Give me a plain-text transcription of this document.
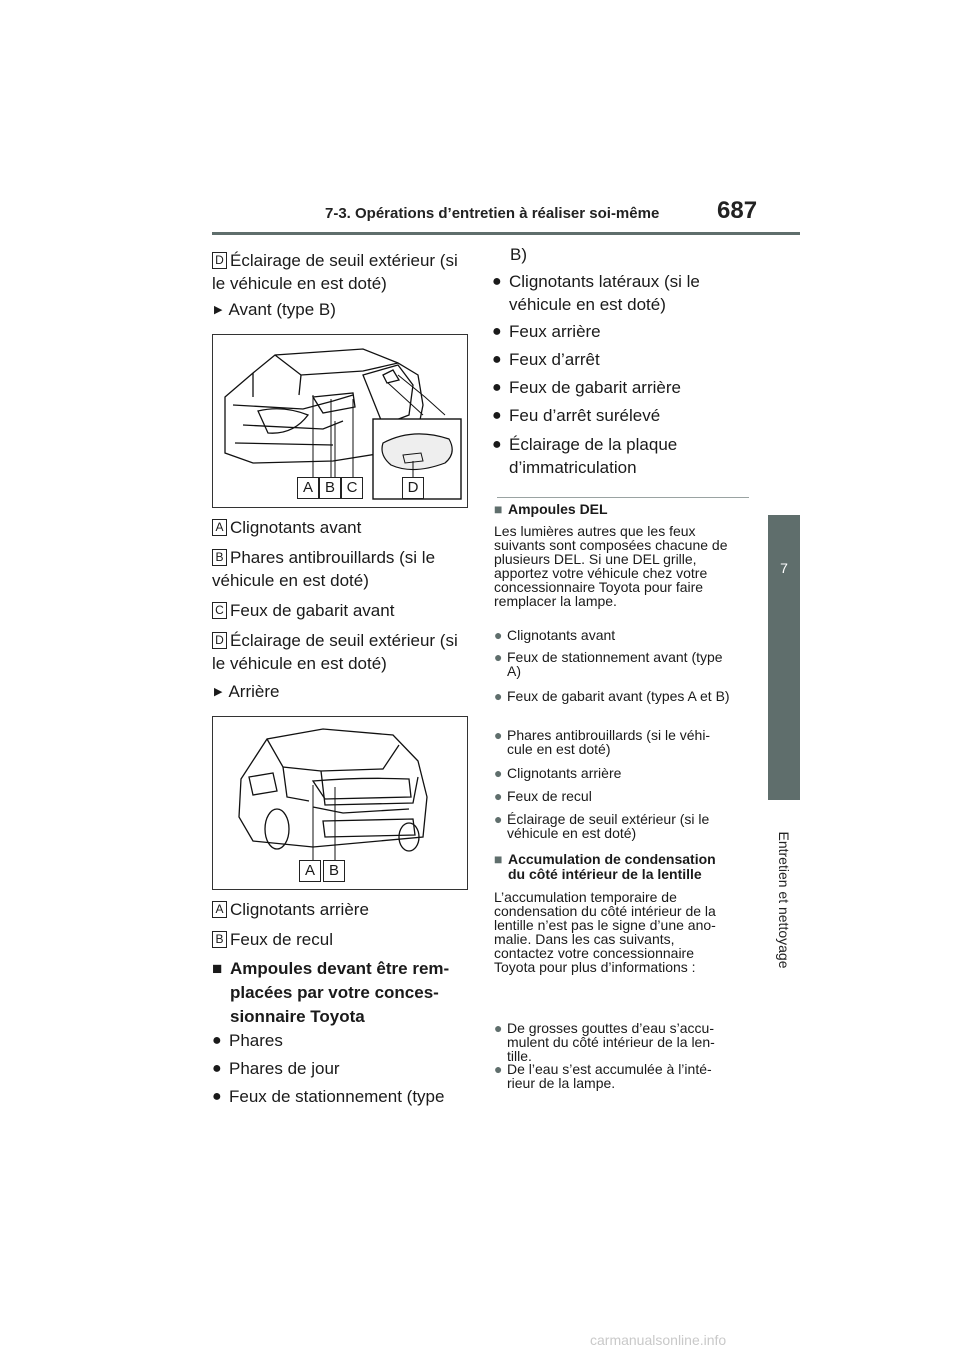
7-3. Opérations d’entretien à réaliser soi-même 687
7
Entretien et nettoyage
D Éclairage de seuil extérieur (si le véhicule en est doté)
▶ Avant (type B)
A B C	D
A Clignotants avant
B Phares antibrouillards (si le véhicule en est doté)
C Feux de gabarit avant
D Éclairage de seuil extérieur (si le véhicule en est doté)
▶ Arrière
A B
A Clignotants arrière
B Feux de recul
■ Ampoules devant être rem-placées par votre conces-sionnaire Toyota
● Phares
● Phares de jour
● Feux de stationnement (type
B)
● Clignotants latéraux (si le véhicule en est doté)
● Feux arrière
● Feux d’arrêt
● Feux de gabarit arrière
● Feu d’arrêt surélevé
● Éclairage de la plaque d’immatriculation
■ Ampoules DEL
Les lumières autres que les feux suivants sont composées chacune de plusieurs DEL. Si une DEL grille, apportez votre véhicule chez votre concessionnaire Toyota pour faire remplacer la lampe.
● Clignotants avant
● Feux de stationnement avant (type A)
● Feux de gabarit avant (types A et B)
● Phares antibrouillards (si le véhi-cule en est doté)
● Clignotants arrière
● Feux de recul
● Éclairage de seuil extérieur (si le véhicule en est doté)
■ Accumulation de condensation du côté intérieur de la lentille
L’accumulation temporaire de condensation du côté intérieur de la lentille n’est pas le signe d’une ano-malie. Dans les cas suivants, contactez votre concessionnaire Toyota pour plus d’informations :
● De grosses gouttes d’eau s’accu-mulent du côté intérieur de la len-tille.
● De l’eau s’est accumulée à l’inté-rieur de la lampe.
carmanualsonline.info
